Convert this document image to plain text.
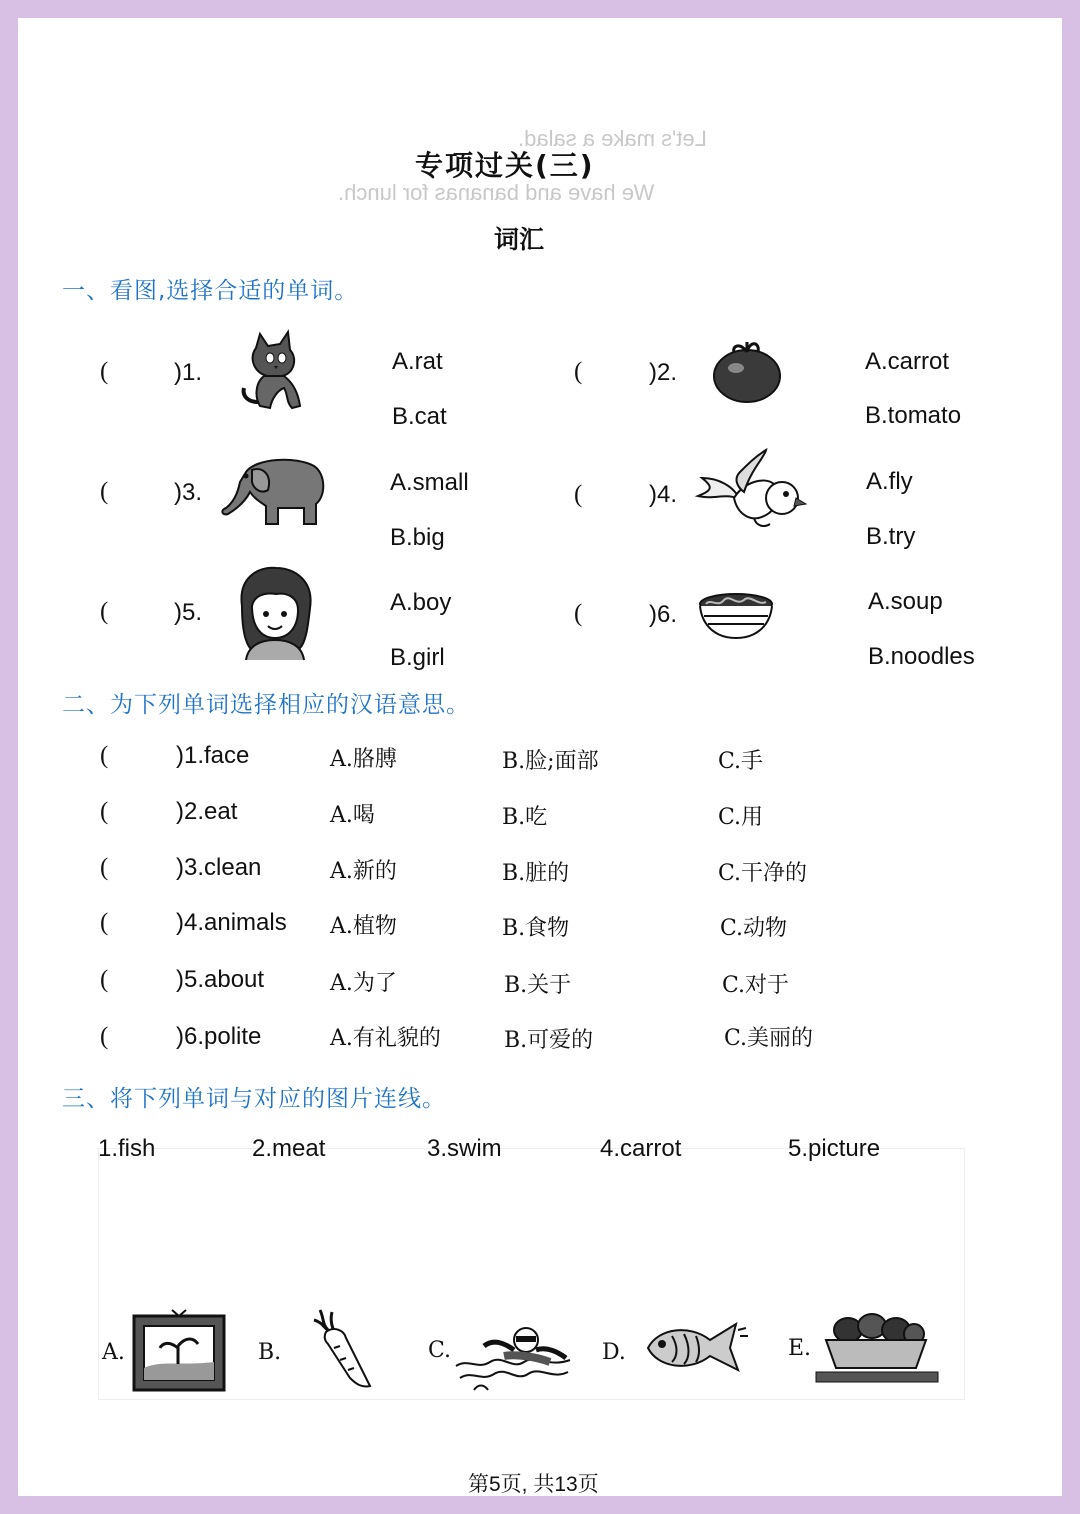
Let's make a salad.
We have and bananas for lunch.
专项过关(三)
词汇
一、看图,选择合适的单词。
(	)1.	A.rat
B.cat
(	)2.	A.carrot
B.tomato
(	)3.	A.small
B.big
(	)4.	A.fly
B.try
(	)5.	A.boy
B.girl
(	)6.	A.soup
B.noodles
二、为下列单词选择相应的汉语意思。
(	)1.face	A.胳膊	B.脸;面部	C.手
(	)2.eat	A.喝	B.吃	C.用
(	)3.clean	A.新的	B.脏的	C.干净的
(	)4.animals A.植物	B.食物	C.动物
(	)5.about	A.为了	B.关于	C.对于
(	)6.polite	A.有礼貌的	B.可爱的	C.美丽的
三、将下列单词与对应的图片连线。
1.fish	2.meat	3.swim	4.carrot	5.picture
A.	B.	C.	D.	E.
第5页, 共13页
